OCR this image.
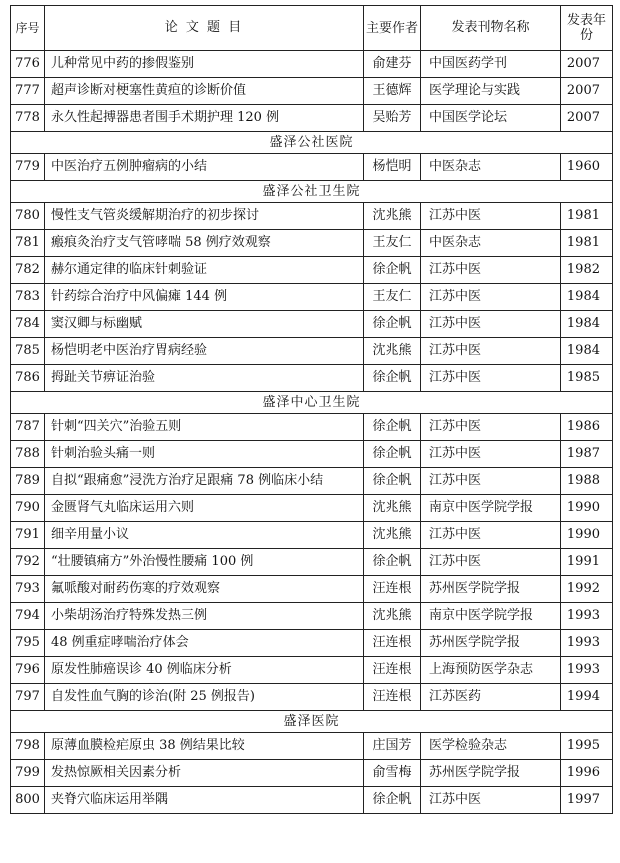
序号	论 文 题 目	主要作者	发表刊物名称	发表年份
776	儿种常见中药的掺假鉴别	俞建芬	中国医药学刊	2007
777	超声诊断对梗塞性黄疸的诊断价值	王德辉	医学理论与实践	2007
778	永久性起搏器患者围手术期护理 120 例	吴贻芳	中国医学论坛	2007
盛泽公社医院				
779	中医治疗五例肿瘤病的小结	杨恺明	中医杂志	1960
盛泽公社卫生院				
780	慢性支气管炎缓解期治疗的初步探讨	沈兆熊	江苏中医	1981
781	瘢痕灸治疗支气管哮喘 58 例疗效观察	王友仁	中医杂志	1981
782	赫尔通定律的临床针刺验证	徐企帆	江苏中医	1982
783	针药综合治疗中风偏瘫 144 例	王友仁	江苏中医	1984
784	窦汉卿与标幽赋	徐企帆	江苏中医	1984
785	杨恺明老中医治疗胃病经验	沈兆熊	江苏中医	1984
786	拇趾关节痹证治验	徐企帆	江苏中医	1985
盛泽中心卫生院				
787	针刺“四关穴”治验五则	徐企帆	江苏中医	1986
788	针刺治验头痛一则	徐企帆	江苏中医	1987
789	自拟“跟痛愈”浸洗方治疗足跟痛 78 例临床小结	徐企帆	江苏中医	1988
790	金匮肾气丸临床运用六则	沈兆熊	南京中医学院学报	1990
791	细辛用量小议	沈兆熊	江苏中医	1990
792	“壮腰镇痛方”外治慢性腰痛 100 例	徐企帆	江苏中医	1991
793	氟哌酸对耐药伤寒的疗效观察	汪连根	苏州医学院学报	1992
794	小柴胡汤治疗特殊发热三例	沈兆熊	南京中医学院学报	1993
795	48 例重症哮喘治疗体会	汪连根	苏州医学院学报	1993
796	原发性肺癌误诊 40 例临床分析	汪连根	上海预防医学杂志	1993
797	自发性血气胸的诊治(附 25 例报告)	汪连根	江苏医药	1994
盛泽医院				
798	原薄血膜检疟原虫 38 例结果比较	庄国芳	医学检验杂志	1995
799	发热惊厥相关因素分析	俞雪梅	苏州医学院学报	1996
800	夹脊穴临床运用举隅	徐企帆	江苏中医	1997
